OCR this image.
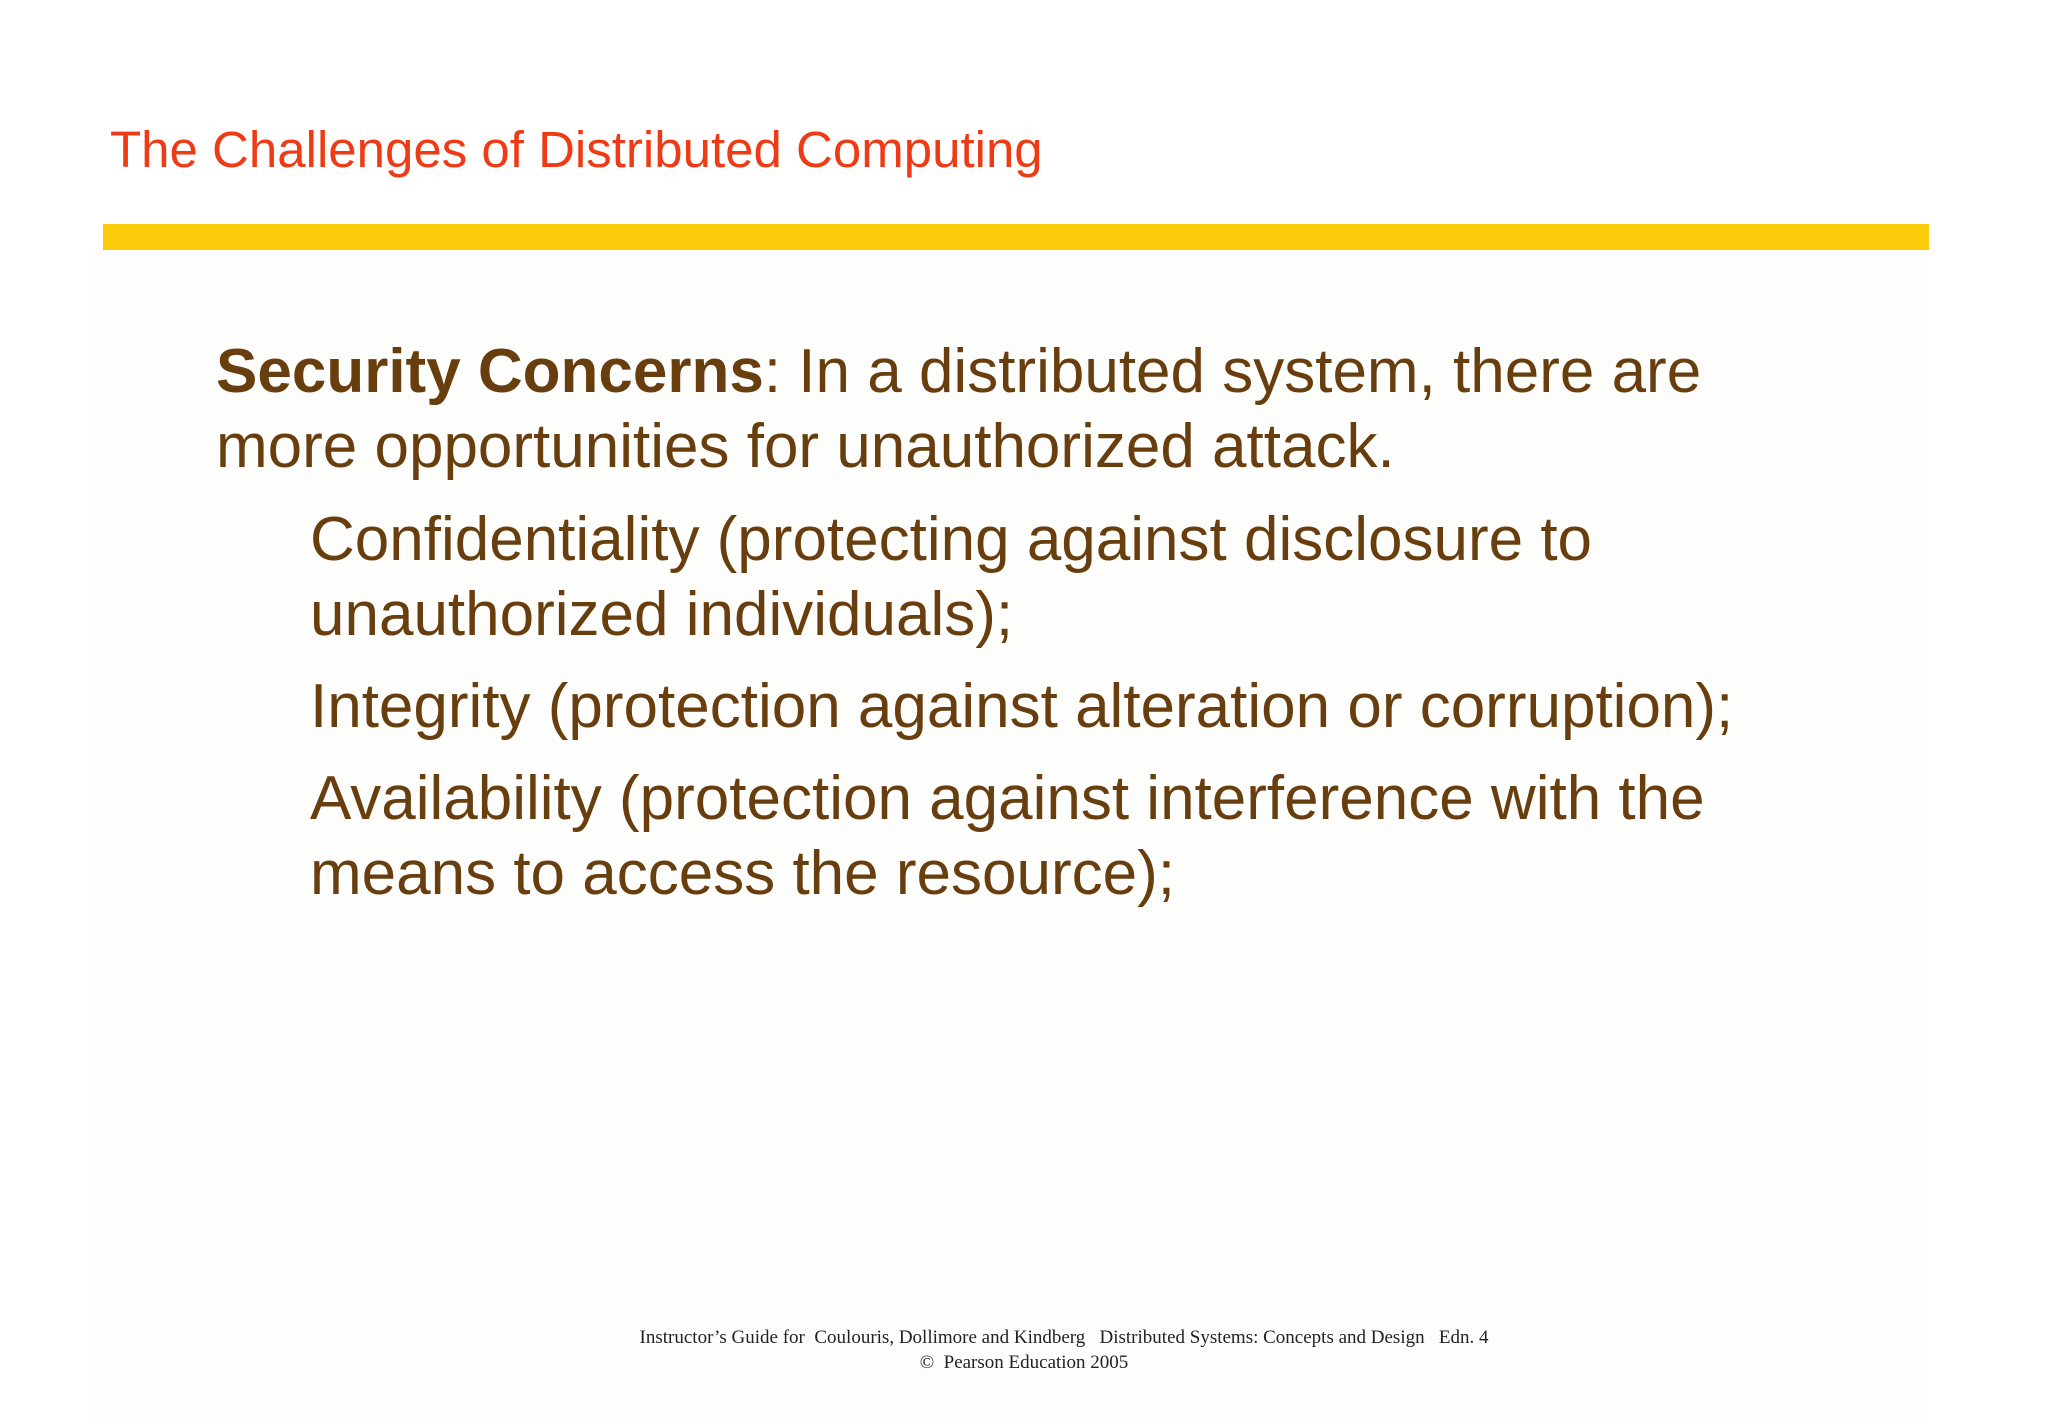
The Challenges of Distributed Computing
Security Concerns: In a distributed system, there are more opportunities for unauthorized attack.
Confidentiality (protecting against disclosure to unauthorized individuals);
Integrity (protection against alteration or corruption);
Availability (protection against interference with the means to access the resource);
Instructor’s Guide for  Coulouris, Dollimore and Kindberg   Distributed Systems: Concepts and Design   Edn. 4
©  Pearson Education 2005
